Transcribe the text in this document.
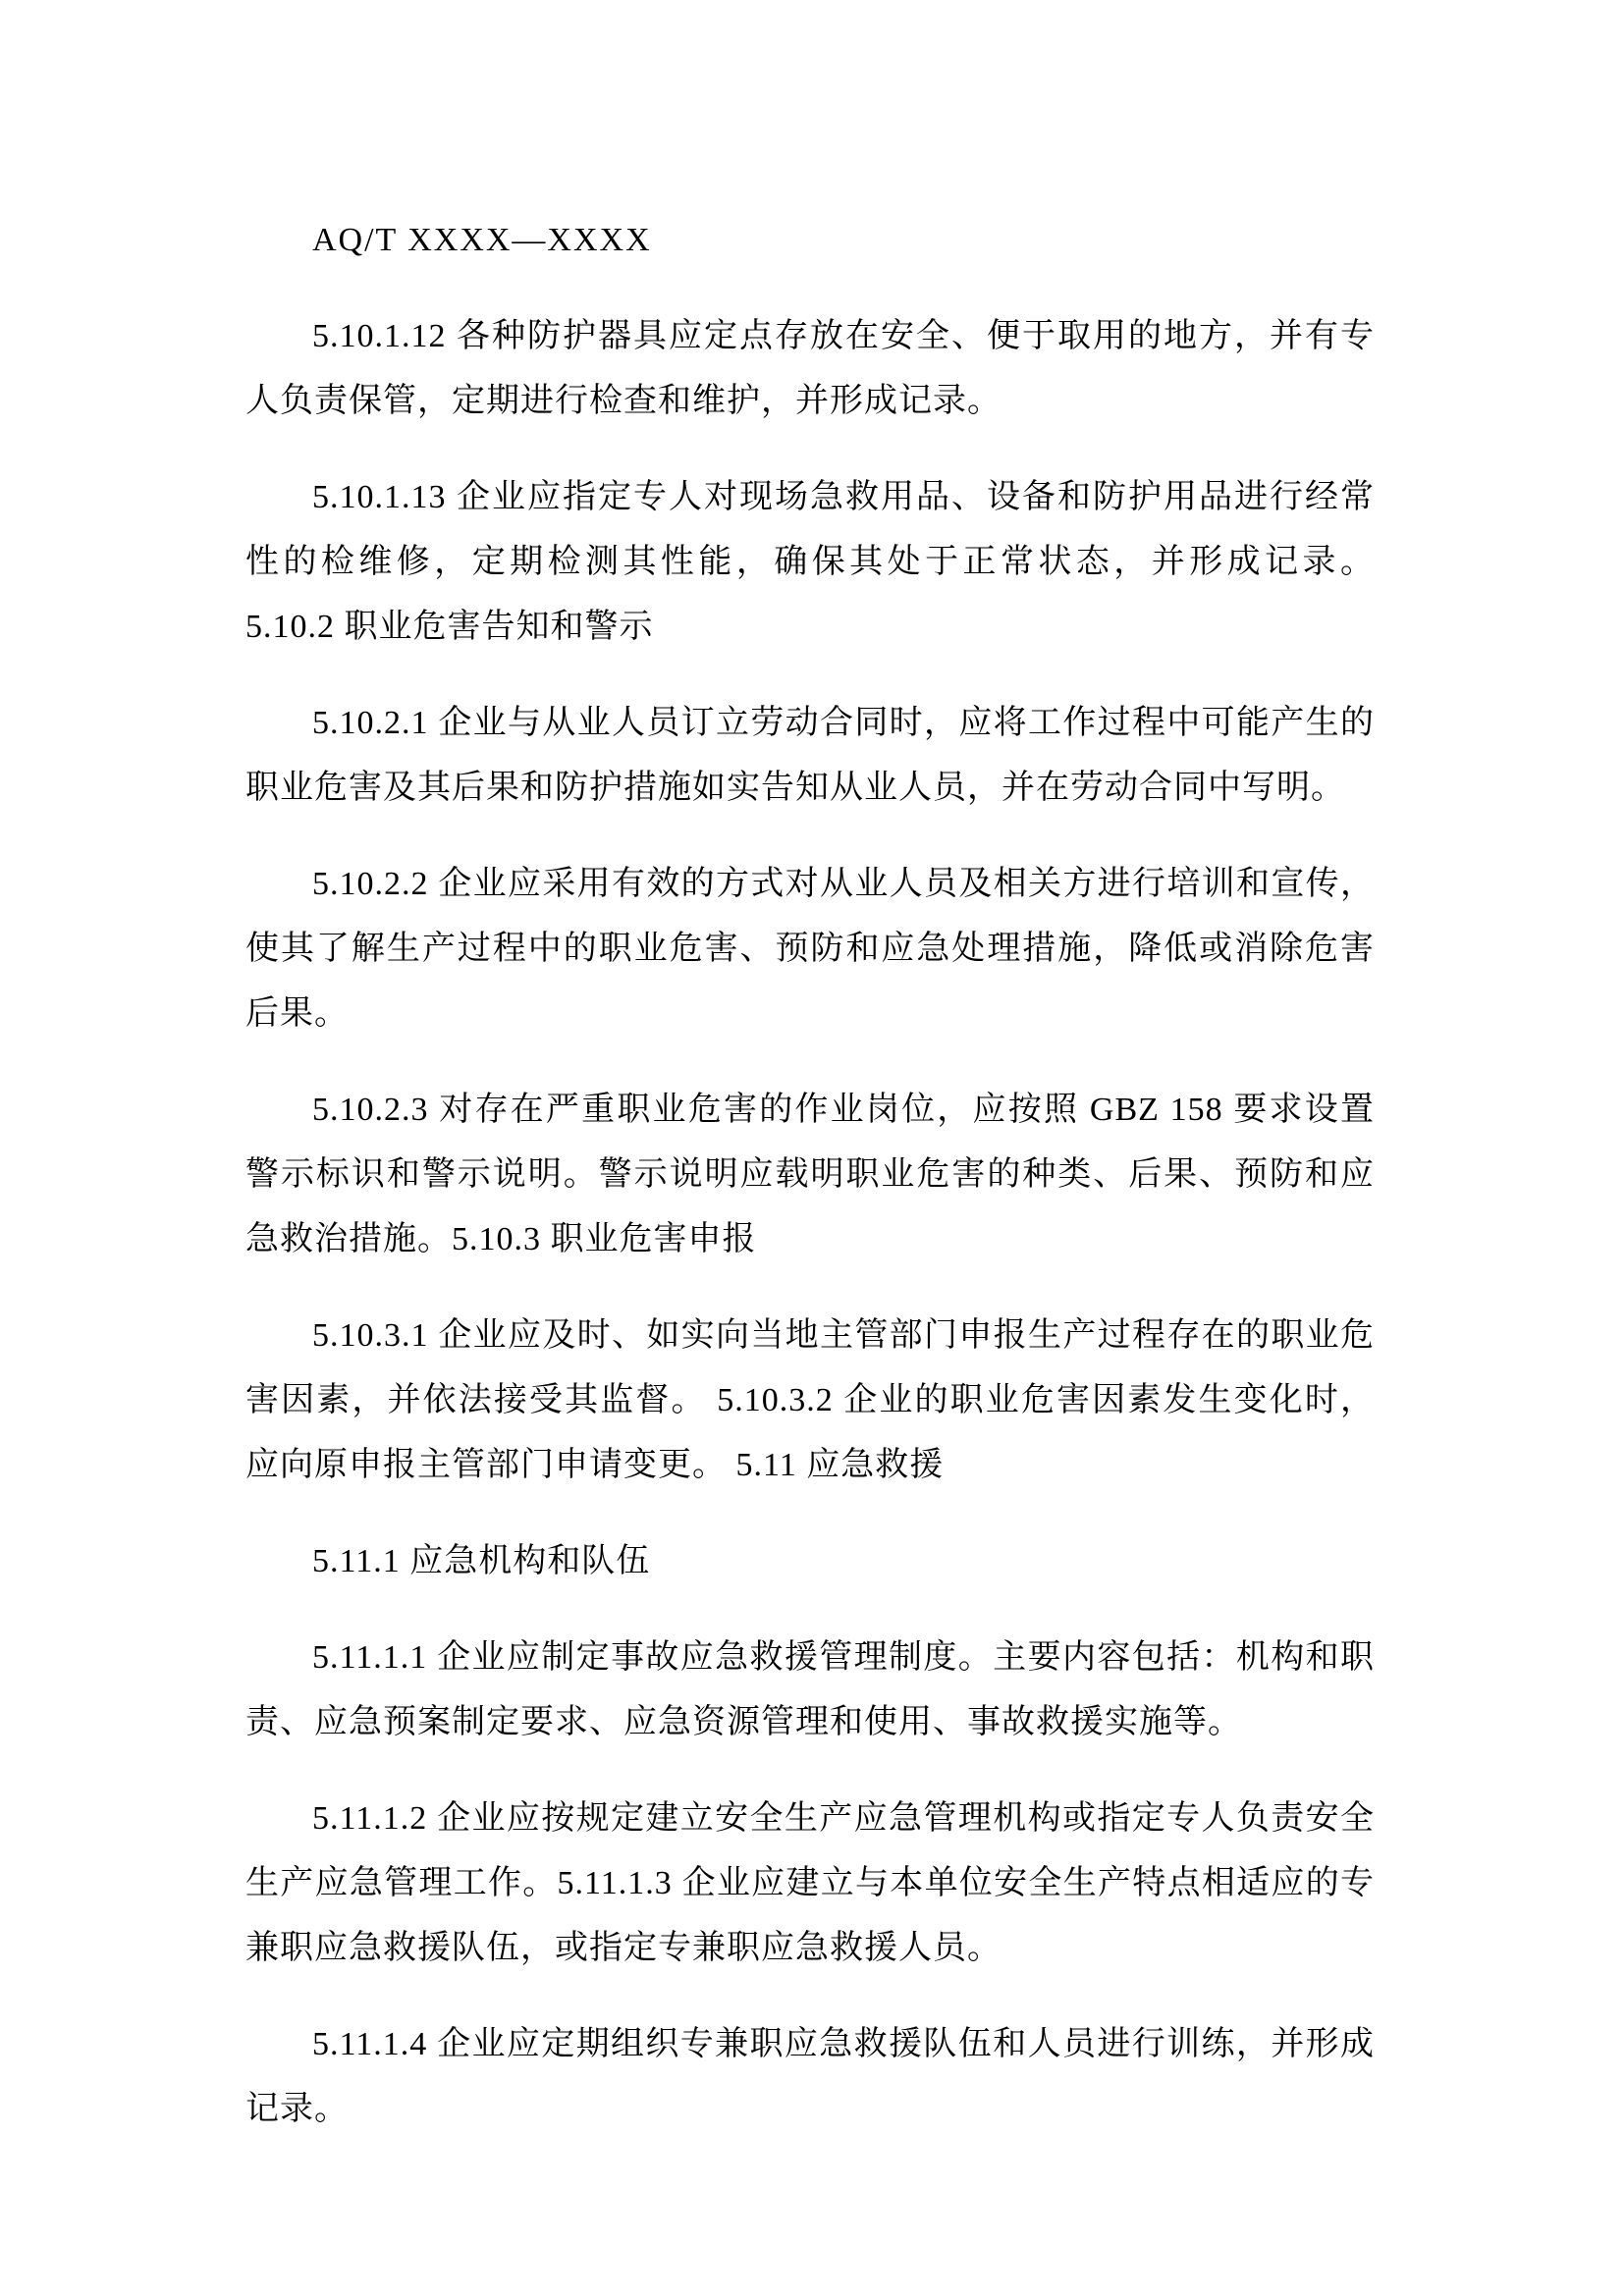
AQ/T XXXX—XXXX
5.10.1.12 各种防护器具应定点存放在安全、便于取用的地方，并有专人负责保管，定期进行检查和维护，并形成记录。
5.10.1.13 企业应指定专人对现场急救用品、设备和防护用品进行经常性的检维修，定期检测其性能，确保其处于正常状态，并形成记录。 5.10.2 职业危害告知和警示
5.10.2.1 企业与从业人员订立劳动合同时，应将工作过程中可能产生的职业危害及其后果和防护措施如实告知从业人员，并在劳动合同中写明。
5.10.2.2 企业应采用有效的方式对从业人员及相关方进行培训和宣传，使其了解生产过程中的职业危害、预防和应急处理措施，降低或消除危害后果。
5.10.2.3 对存在严重职业危害的作业岗位，应按照 GBZ 158 要求设置警示标识和警示说明。警示说明应载明职业危害的种类、后果、预防和应急救治措施。5.10.3 职业危害申报
5.10.3.1 企业应及时、如实向当地主管部门申报生产过程存在的职业危害因素，并依法接受其监督。 5.10.3.2 企业的职业危害因素发生变化时，应向原申报主管部门申请变更。 5.11 应急救援
5.11.1 应急机构和队伍
5.11.1.1 企业应制定事故应急救援管理制度。主要内容包括：机构和职责、应急预案制定要求、应急资源管理和使用、事故救援实施等。
5.11.1.2 企业应按规定建立安全生产应急管理机构或指定专人负责安全生产应急管理工作。5.11.1.3 企业应建立与本单位安全生产特点相适应的专兼职应急救援队伍，或指定专兼职应急救援人员。
5.11.1.4 企业应定期组织专兼职应急救援队伍和人员进行训练，并形成记录。
